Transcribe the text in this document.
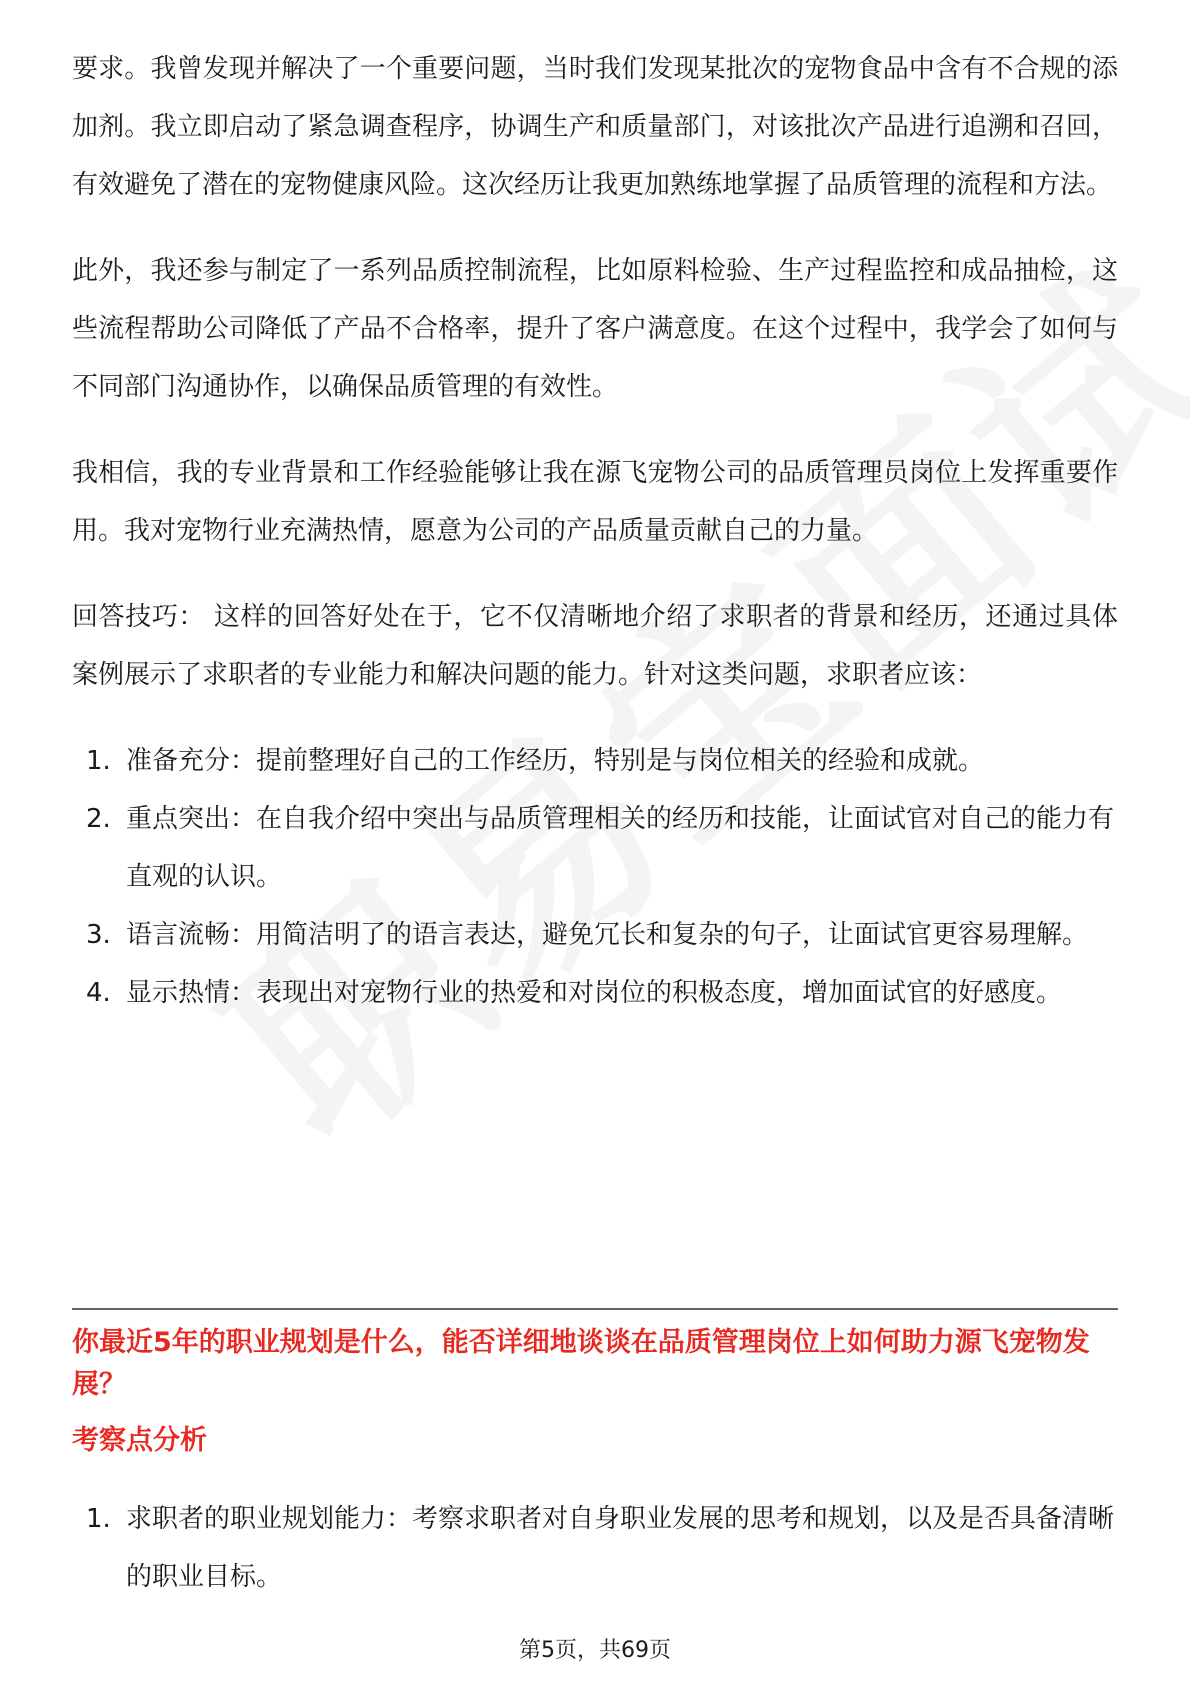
要求。我曾发现并解决了一个重要问题，当时我们发现某批次的宠物食品中含有不合规的添加剂。我立即启动了紧急调查程序，协调生产和质量部门，对该批次产品进行追溯和召回，有效避免了潜在的宠物健康风险。这次经历让我更加熟练地掌握了品质管理的流程和方法。

此外，我还参与制定了一系列品质控制流程，比如原料检验、生产过程监控和成品抽检，这些流程帮助公司降低了产品不合格率，提升了客户满意度。在这个过程中，我学会了如何与不同部门沟通协作，以确保品质管理的有效性。

我相信，我的专业背景和工作经验能够让我在源飞宠物公司的品质管理员岗位上发挥重要作用。我对宠物行业充满热情，愿意为公司的产品质量贡献自己的力量。

回答技巧： 这样的回答好处在于，它不仅清晰地介绍了求职者的背景和经历，还通过具体案例展示了求职者的专业能力和解决问题的能力。针对这类问题，求职者应该：

1. 准备充分：提前整理好自己的工作经历，特别是与岗位相关的经验和成就。
2. 重点突出：在自我介绍中突出与品质管理相关的经历和技能，让面试官对自己的能力有直观的认识。
3. 语言流畅：用简洁明了的语言表达，避免冗长和复杂的句子，让面试官更容易理解。
4. 显示热情：表现出对宠物行业的热爱和对岗位的积极态度，增加面试官的好感度。
你最近5年的职业规划是什么，能否详细地谈谈在品质管理岗位上如何助力源飞宠物发展？
考察点分析
1. 求职者的职业规划能力：考察求职者对自身职业发展的思考和规划，以及是否具备清晰的职业目标。
第5页，共69页
